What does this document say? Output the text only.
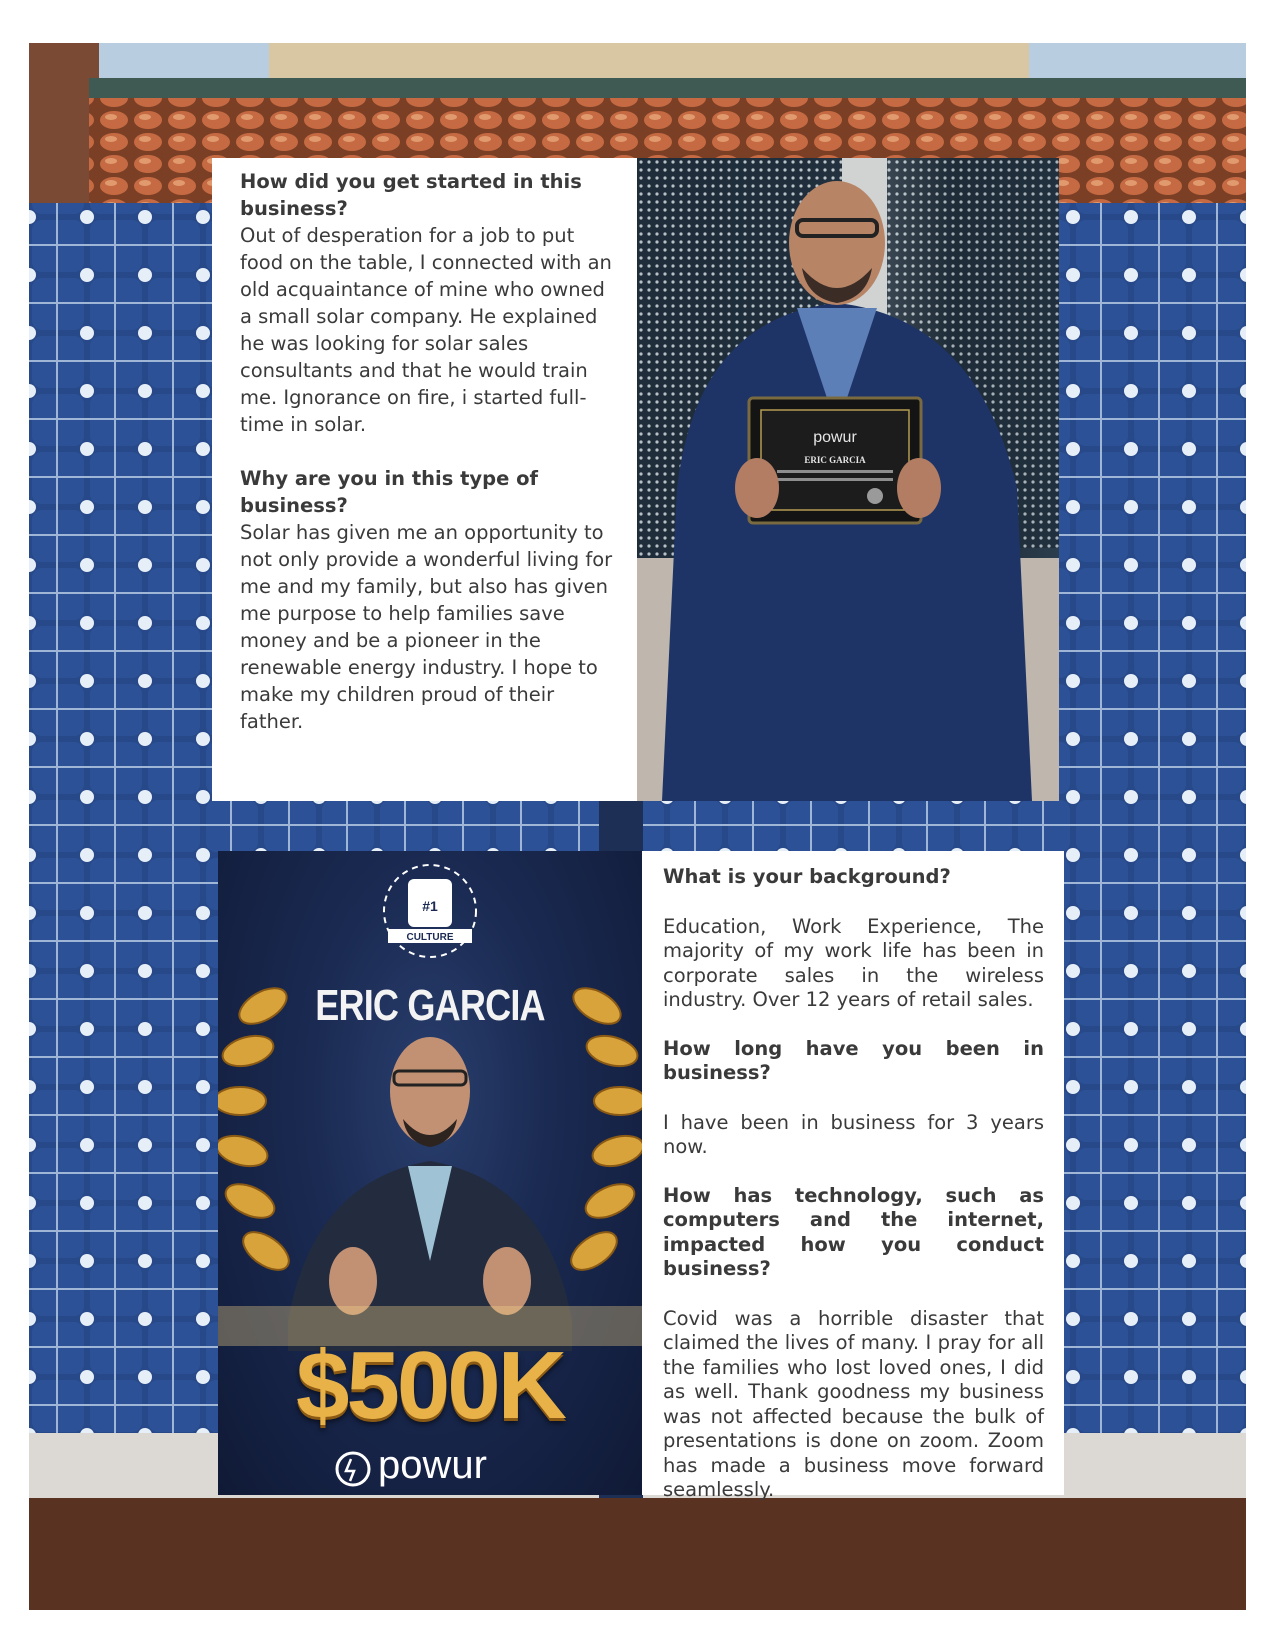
How did you get started in this business?

Out of desperation for a job to put food on the table, I connected with an old acquaintance of mine who owned a small solar company. He explained he was looking for solar sales consultants and that he would train me. Ignorance on fire, i started full-time in solar.

Why are you in this type of business?

Solar has given me an opportunity to not only provide a wonderful living for me and my family, but also has given me purpose to help families save money and be a pioneer in the renewable energy industry. I hope to make my children proud of their father.

powur
ERIC GARCIA
#1
CULTURE
ERIC GARCIA
$500K
powur

What is your background?

Education, Work Experience, The majority of my work life has been in corporate sales in the wireless industry. Over 12 years of retail sales.

How long have you been in business?

I have been in business for 3 years now.

How has technology, such as computers and the internet, impacted how you conduct business?

Covid was a horrible disaster that claimed the lives of many. I pray for all the families who lost loved ones, I did as well. Thank goodness my business was not affected because the bulk of presentations is done on zoom. Zoom has made a business move forward seamlessly.
